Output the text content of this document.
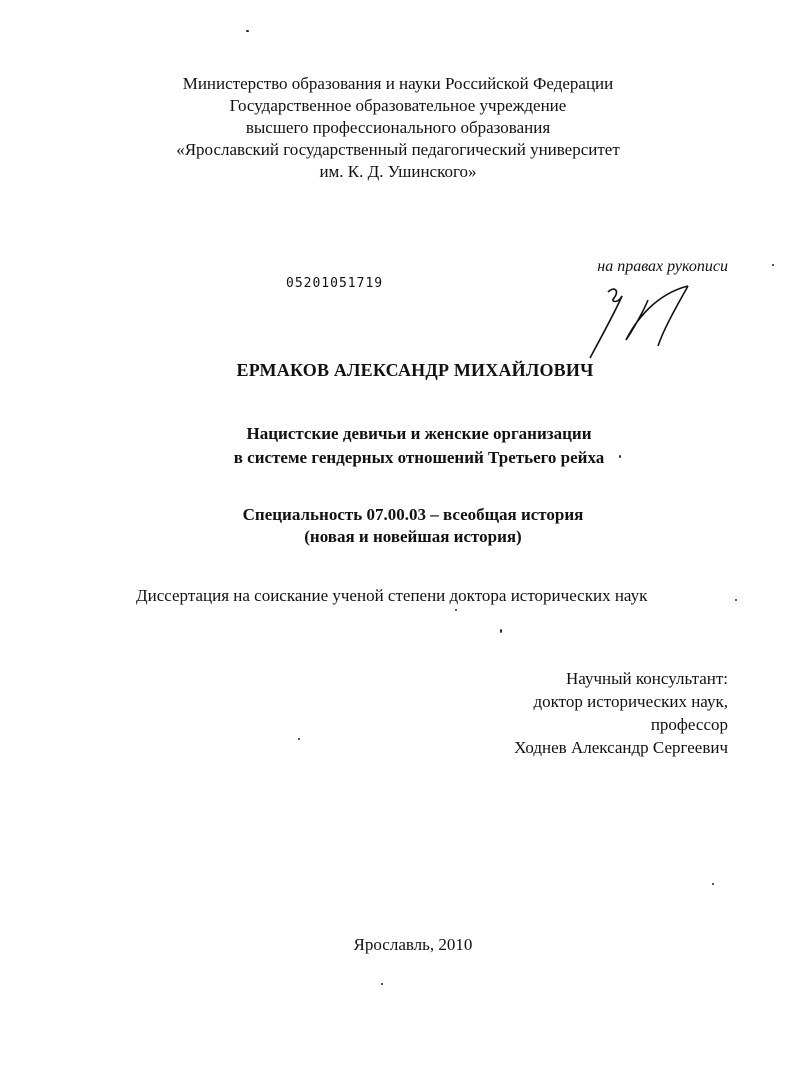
Министерство образования и науки Российской Федерации
Государственное образовательное учреждение
высшего профессионального образования
«Ярославский государственный педагогический университет
им. К. Д. Ушинского»
на правах рукописи
05201051719
ЕРМАКОВ АЛЕКСАНДР МИХАЙЛОВИЧ
Нацистские девичьи и женские организации
в системе гендерных отношений Третьего рейха
Специальность 07.00.03 – всеобщая история
(новая и новейшая история)
Диссертация на соискание ученой степени доктора исторических наук
Научный консультант:
доктор исторических наук,
профессор
Ходнев Александр Сергеевич
Ярославль, 2010
